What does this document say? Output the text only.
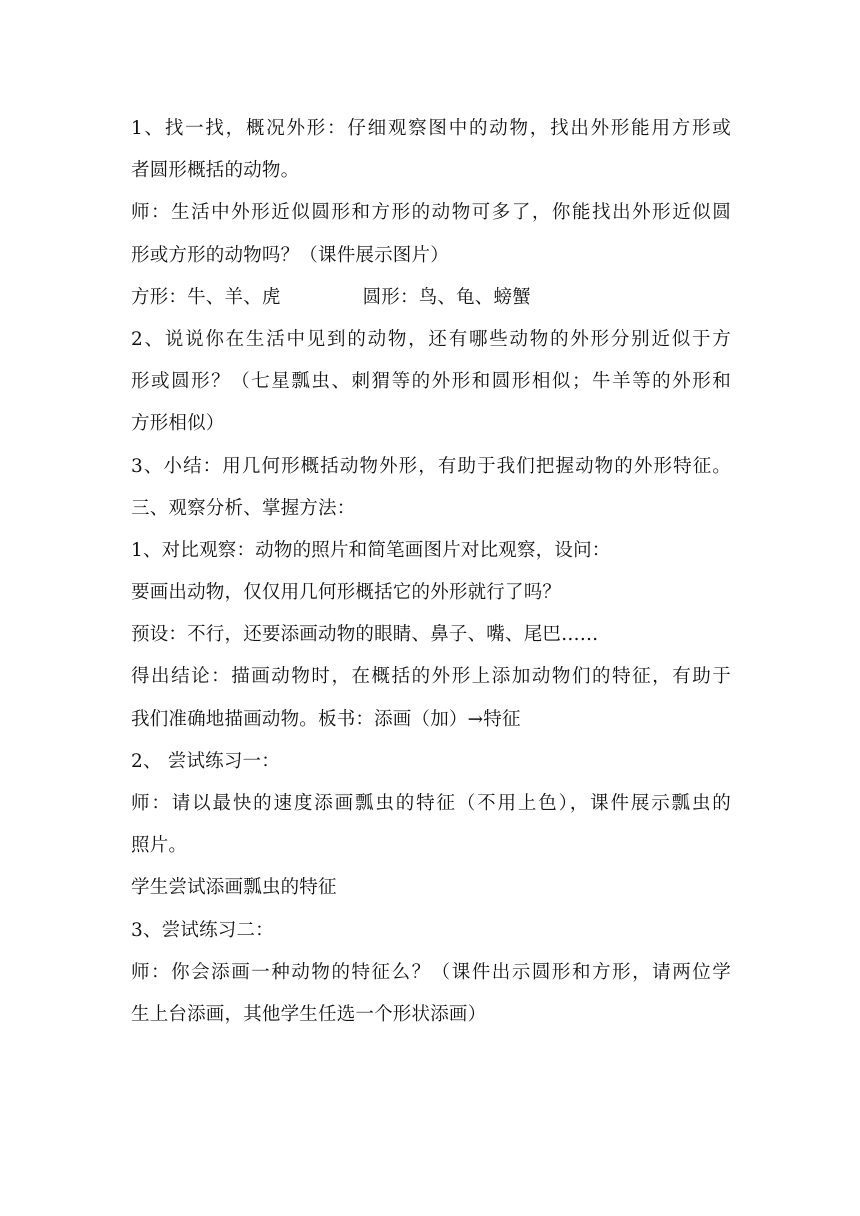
1、找一找，概况外形：仔细观察图中的动物，找出外形能用方形或
者圆形概括的动物。
师：生活中外形近似圆形和方形的动物可多了，你能找出外形近似圆
形或方形的动物吗？（课件展示图片）
方形：牛、羊、虎	圆形：鸟、龟、螃蟹
2、说说你在生活中见到的动物，还有哪些动物的外形分别近似于方
形或圆形？（七星瓢虫、刺猬等的外形和圆形相似；牛羊等的外形和
方形相似）
3、小结：用几何形概括动物外形，有助于我们把握动物的外形特征。
三、观察分析、掌握方法：
1、对比观察：动物的照片和简笔画图片对比观察，设问：
要画出动物，仅仅用几何形概括它的外形就行了吗？
预设：不行，还要添画动物的眼睛、鼻子、嘴、尾巴……
得出结论：描画动物时，在概括的外形上添加动物们的特征，有助于
我们准确地描画动物。板书：添画（加）→特征
2、 尝试练习一：
师：请以最快的速度添画瓢虫的特征（不用上色），课件展示瓢虫的
照片。
学生尝试添画瓢虫的特征
3、尝试练习二：
师：你会添画一种动物的特征么？（课件出示圆形和方形，请两位学
生上台添画，其他学生任选一个形状添画）
